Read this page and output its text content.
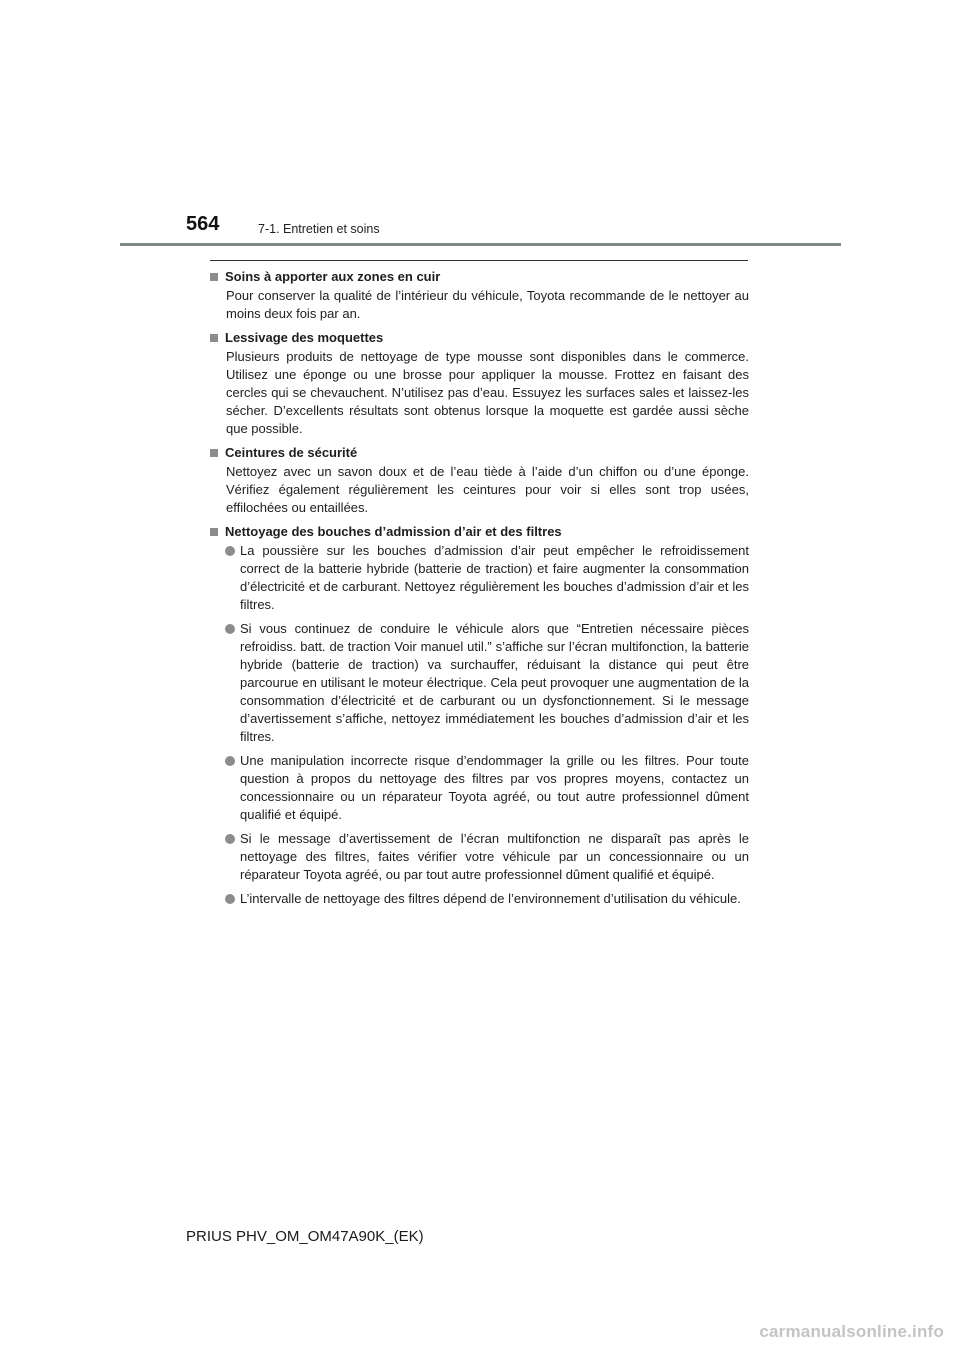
564	7-1. Entretien et soins
Soins à apporter aux zones en cuir
Pour conserver la qualité de l’intérieur du véhicule, Toyota recommande de le nettoyer au moins deux fois par an.
Lessivage des moquettes
Plusieurs produits de nettoyage de type mousse sont disponibles dans le commerce. Utilisez une éponge ou une brosse pour appliquer la mousse. Frottez en faisant des cercles qui se chevauchent. N’utilisez pas d’eau. Essuyez les surfaces sales et laissez-les sécher. D’excellents résultats sont obtenus lorsque la moquette est gardée aussi sèche que possible.
Ceintures de sécurité
Nettoyez avec un savon doux et de l’eau tiède à l’aide d’un chiffon ou d’une éponge. Vérifiez également régulièrement les ceintures pour voir si elles sont trop usées, effilochées ou entaillées.
Nettoyage des bouches d’admission d’air et des filtres
La poussière sur les bouches d’admission d’air peut empêcher le refroidissement correct de la batterie hybride (batterie de traction) et faire augmenter la consommation d’électricité et de carburant. Nettoyez régulièrement les bouches d’admission d’air et les filtres.
Si vous continuez de conduire le véhicule alors que “Entretien nécessaire pièces refroidiss. batt. de traction Voir manuel util.” s’affiche sur l’écran multifonction, la batterie hybride (batterie de traction) va surchauffer, réduisant la distance qui peut être parcourue en utilisant le moteur électrique. Cela peut provoquer une augmentation de la consommation d’électricité et de carburant ou un dysfonctionnement. Si le message d’avertissement s’affiche, nettoyez immédiatement les bouches d’admission d’air et les filtres.
Une manipulation incorrecte risque d’endommager la grille ou les filtres. Pour toute question à propos du nettoyage des filtres par vos propres moyens, contactez un concessionnaire ou un réparateur Toyota agréé, ou tout autre professionnel dûment qualifié et équipé.
Si le message d’avertissement de l’écran multifonction ne disparaît pas après le nettoyage des filtres, faites vérifier votre véhicule par un concessionnaire ou un réparateur Toyota agréé, ou par tout autre professionnel dûment qualifié et équipé.
L’intervalle de nettoyage des filtres dépend de l’environnement d’utilisation du véhicule.
PRIUS PHV_OM_OM47A90K_(EK)
carmanualsonline.info
